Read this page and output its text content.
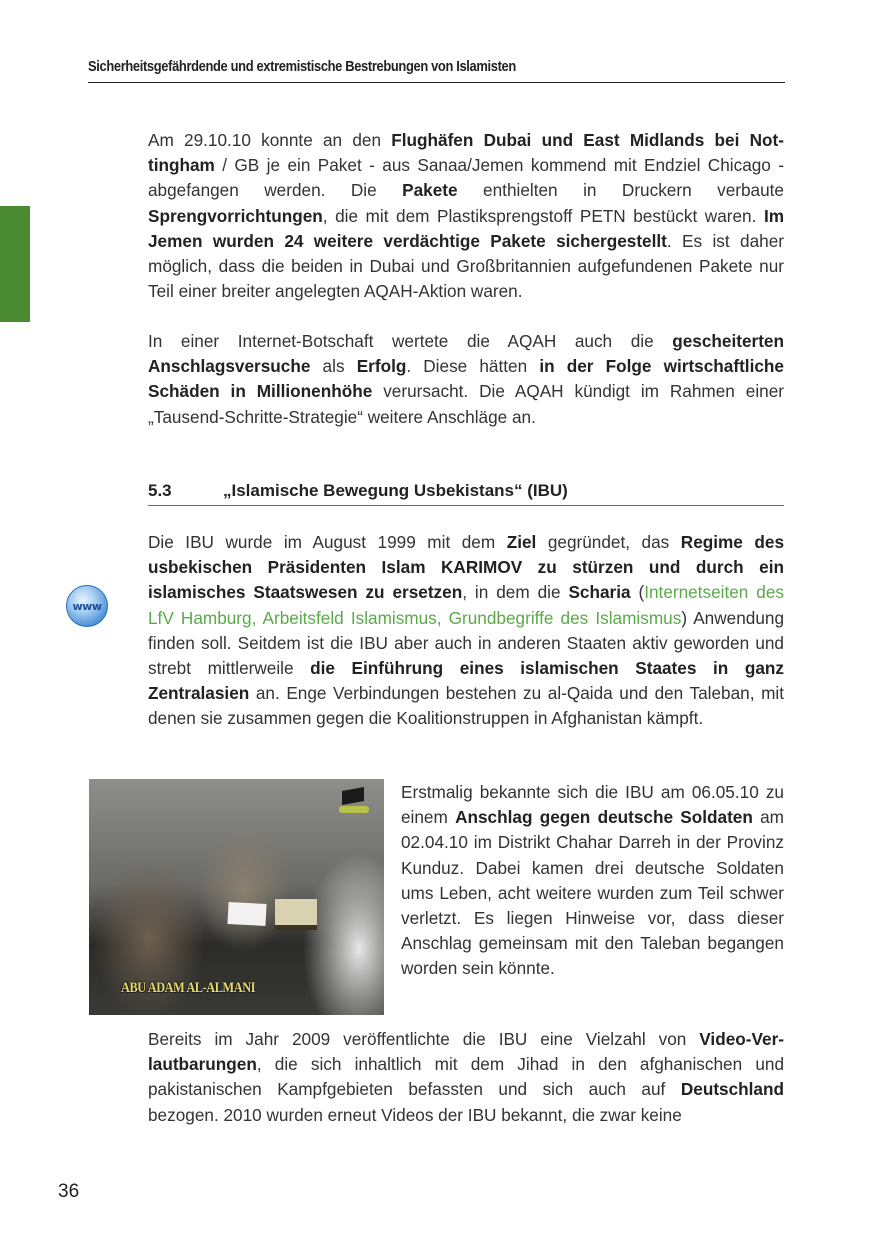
Sicherheitsgefährdende und extremistische Bestrebungen von Islamisten
Am 29.10.10 konnte an den Flughäfen Dubai und East Midlands bei Nottingham / GB je ein Paket - aus Sanaa/Jemen kommend mit Endziel Chicago - abgefangen werden. Die Pakete enthielten in Druckern verbaute Sprengvorrichtungen, die mit dem Plastiksprengstoff PETN bestückt waren. Im Jemen wurden 24 weitere verdächtige Pakete sichergestellt. Es ist daher möglich, dass die beiden in Dubai und Großbritannien aufgefundenen Pakete nur Teil einer breiter angelegten AQAH-Aktion waren.
In einer Internet-Botschaft wertete die AQAH auch die gescheiterten Anschlagsversuche als Erfolg. Diese hätten in der Folge wirtschaftliche Schäden in Millionenhöhe verursacht. Die AQAH kündigt im Rahmen einer „Tausend-Schritte-Strategie“ weitere Anschläge an.
5.3	„Islamische Bewegung Usbekistans“ (IBU)
www
Die IBU wurde im August 1999 mit dem Ziel gegründet, das Regime des usbekischen Präsidenten Islam KARIMOV zu stürzen und durch ein islamisches Staatswesen zu ersetzen, in dem die Scharia (Internetseiten des LfV Hamburg, Arbeitsfeld Islamismus, Grundbegriffe des Islamismus) Anwendung finden soll. Seitdem ist die IBU aber auch in anderen Staaten aktiv geworden und strebt mittlerweile die Einführung eines islamischen Staates in ganz Zentralasien an. Enge Verbindungen bestehen zu al-Qaida und den Taleban, mit denen sie zusammen gegen die Koalitionstruppen in Afghanistan kämpft.
ABU ADAM AL-ALMANI
Erstmalig bekannte sich die IBU am 06.05.10 zu einem Anschlag gegen deutsche Soldaten am 02.04.10 im Distrikt Chahar Darreh in der Provinz Kunduz. Dabei kamen drei deutsche Soldaten ums Leben, acht weitere wurden zum Teil schwer verletzt. Es liegen Hinweise vor, dass dieser Anschlag gemeinsam mit den Taleban begangen worden sein könnte.
Bereits im Jahr 2009 veröffentlichte die IBU eine Vielzahl von Video-Verlautbarungen, die sich inhaltlich mit dem Jihad in den afghanischen und pakistanischen Kampfgebieten befassten und sich auch auf Deutschland bezogen. 2010 wurden erneut Videos der IBU bekannt, die zwar keine
36
